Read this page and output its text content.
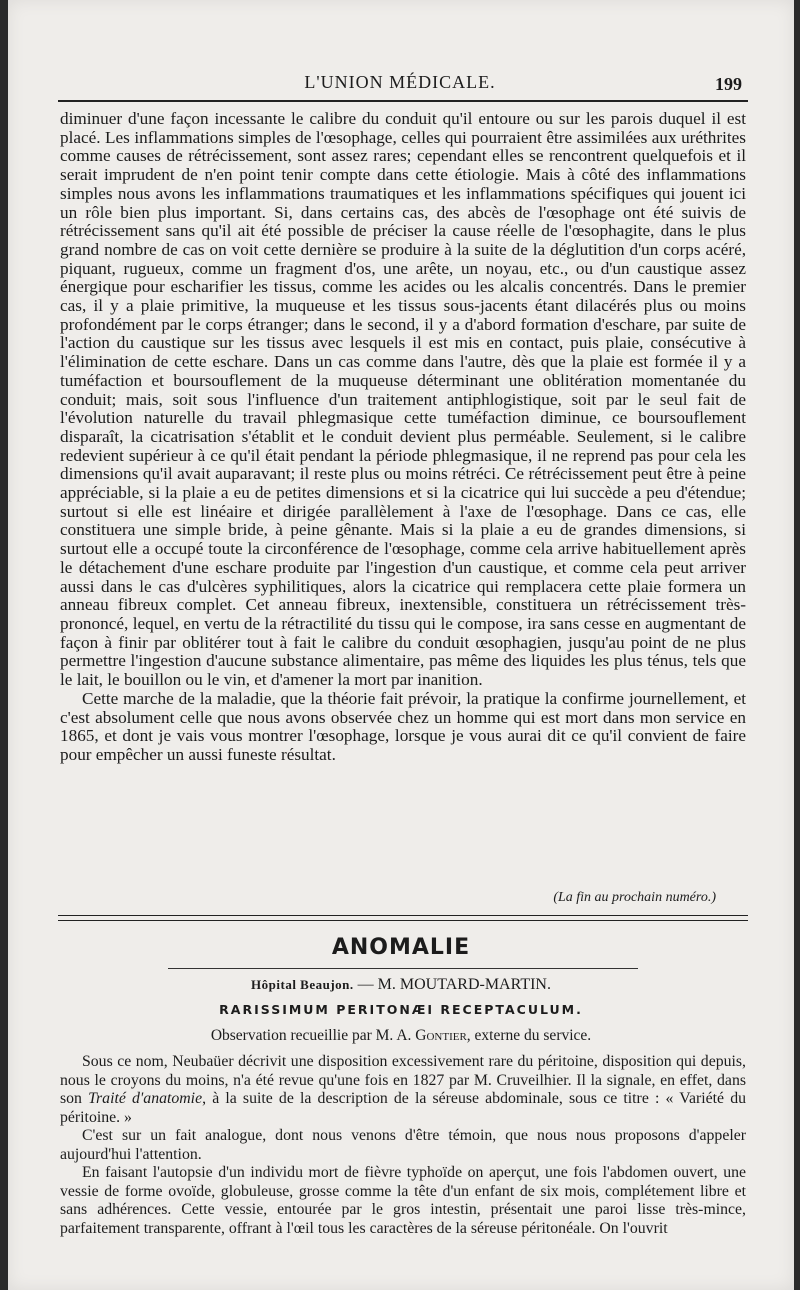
L'UNION MÉDICALE.	199

diminuer d'une façon incessante le calibre du conduit qu'il entoure ou sur les parois duquel il est placé. Les inflammations simples de l'œsophage, celles qui pourraient être assimilées aux uréthrites comme causes de rétrécissement, sont assez rares; cependant elles se rencontrent quelquefois et il serait imprudent de n'en point tenir compte dans cette étiologie. Mais à côté des inflammations simples nous avons les inflammations traumatiques et les inflammations spécifiques qui jouent ici un rôle bien plus important. Si, dans certains cas, des abcès de l'œsophage ont été suivis de rétrécissement sans qu'il ait été possible de préciser la cause réelle de l'œsophagite, dans le plus grand nombre de cas on voit cette dernière se produire à la suite de la déglutition d'un corps acéré, piquant, rugueux, comme un fragment d'os, une arête, un noyau, etc., ou d'un caustique assez énergique pour escharifier les tissus, comme les acides ou les alcalis concentrés. Dans le premier cas, il y a plaie primitive, la muqueuse et les tissus sous-jacents étant dilacérés plus ou moins profondément par le corps étranger; dans le second, il y a d'abord formation d'eschare, par suite de l'action du caustique sur les tissus avec lesquels il est mis en contact, puis plaie, consécutive à l'élimination de cette eschare. Dans un cas comme dans l'autre, dès que la plaie est formée il y a tuméfaction et boursouflement de la muqueuse déterminant une oblitération momentanée du conduit; mais, soit sous l'influence d'un traitement antiphlogistique, soit par le seul fait de l'évolution naturelle du travail phlegmasique cette tuméfaction diminue, ce boursouflement disparaît, la cicatrisation s'établit et le conduit devient plus perméable. Seulement, si le calibre redevient supérieur à ce qu'il était pendant la période phlegmasique, il ne reprend pas pour cela les dimensions qu'il avait auparavant; il reste plus ou moins rétréci. Ce rétrécissement peut être à peine appréciable, si la plaie a eu de petites dimensions et si la cicatrice qui lui succède a peu d'étendue; surtout si elle est linéaire et dirigée parallèlement à l'axe de l'œsophage. Dans ce cas, elle constituera une simple bride, à peine gênante. Mais si la plaie a eu de grandes dimensions, si surtout elle a occupé toute la circonférence de l'œsophage, comme cela arrive habituellement après le détachement d'une eschare produite par l'ingestion d'un caustique, et comme cela peut arriver aussi dans le cas d'ulcères syphilitiques, alors la cicatrice qui remplacera cette plaie formera un anneau fibreux complet. Cet anneau fibreux, inextensible, constituera un rétrécissement très-prononcé, lequel, en vertu de la rétractilité du tissu qui le compose, ira sans cesse en augmentant de façon à finir par oblitérer tout à fait le calibre du conduit œsophagien, jusqu'au point de ne plus permettre l'ingestion d'aucune substance alimentaire, pas même des liquides les plus ténus, tels que le lait, le bouillon ou le vin, et d'amener la mort par inanition.

Cette marche de la maladie, que la théorie fait prévoir, la pratique la confirme journellement, et c'est absolument celle que nous avons observée chez un homme qui est mort dans mon service en 1865, et dont je vais vous montrer l'œsophage, lorsque je vous aurai dit ce qu'il convient de faire pour empêcher un aussi funeste résultat.

(La fin au prochain numéro.)
ANOMALIE
Hôpital Beaujon. — M. MOUTARD-MARTIN.
RARISSIMUM PERITONÆI RECEPTACULUM.
Observation recueillie par M. A. Gontier, externe du service.

Sous ce nom, Neubaüer décrivit une disposition excessivement rare du péritoine, disposition qui depuis, nous le croyons du moins, n'a été revue qu'une fois en 1827 par M. Cruveilhier. Il la signale, en effet, dans son Traité d'anatomie, à la suite de la description de la séreuse abdominale, sous ce titre : « Variété du péritoine. »

C'est sur un fait analogue, dont nous venons d'être témoin, que nous nous proposons d'appeler aujourd'hui l'attention.

En faisant l'autopsie d'un individu mort de fièvre typhoïde on aperçut, une fois l'abdomen ouvert, une vessie de forme ovoïde, globuleuse, grosse comme la tête d'un enfant de six mois, complétement libre et sans adhérences. Cette vessie, entourée par le gros intestin, présentait une paroi lisse très-mince, parfaitement transparente, offrant à l'œil tous les caractères de la séreuse péritonéale. On l'ouvrit
